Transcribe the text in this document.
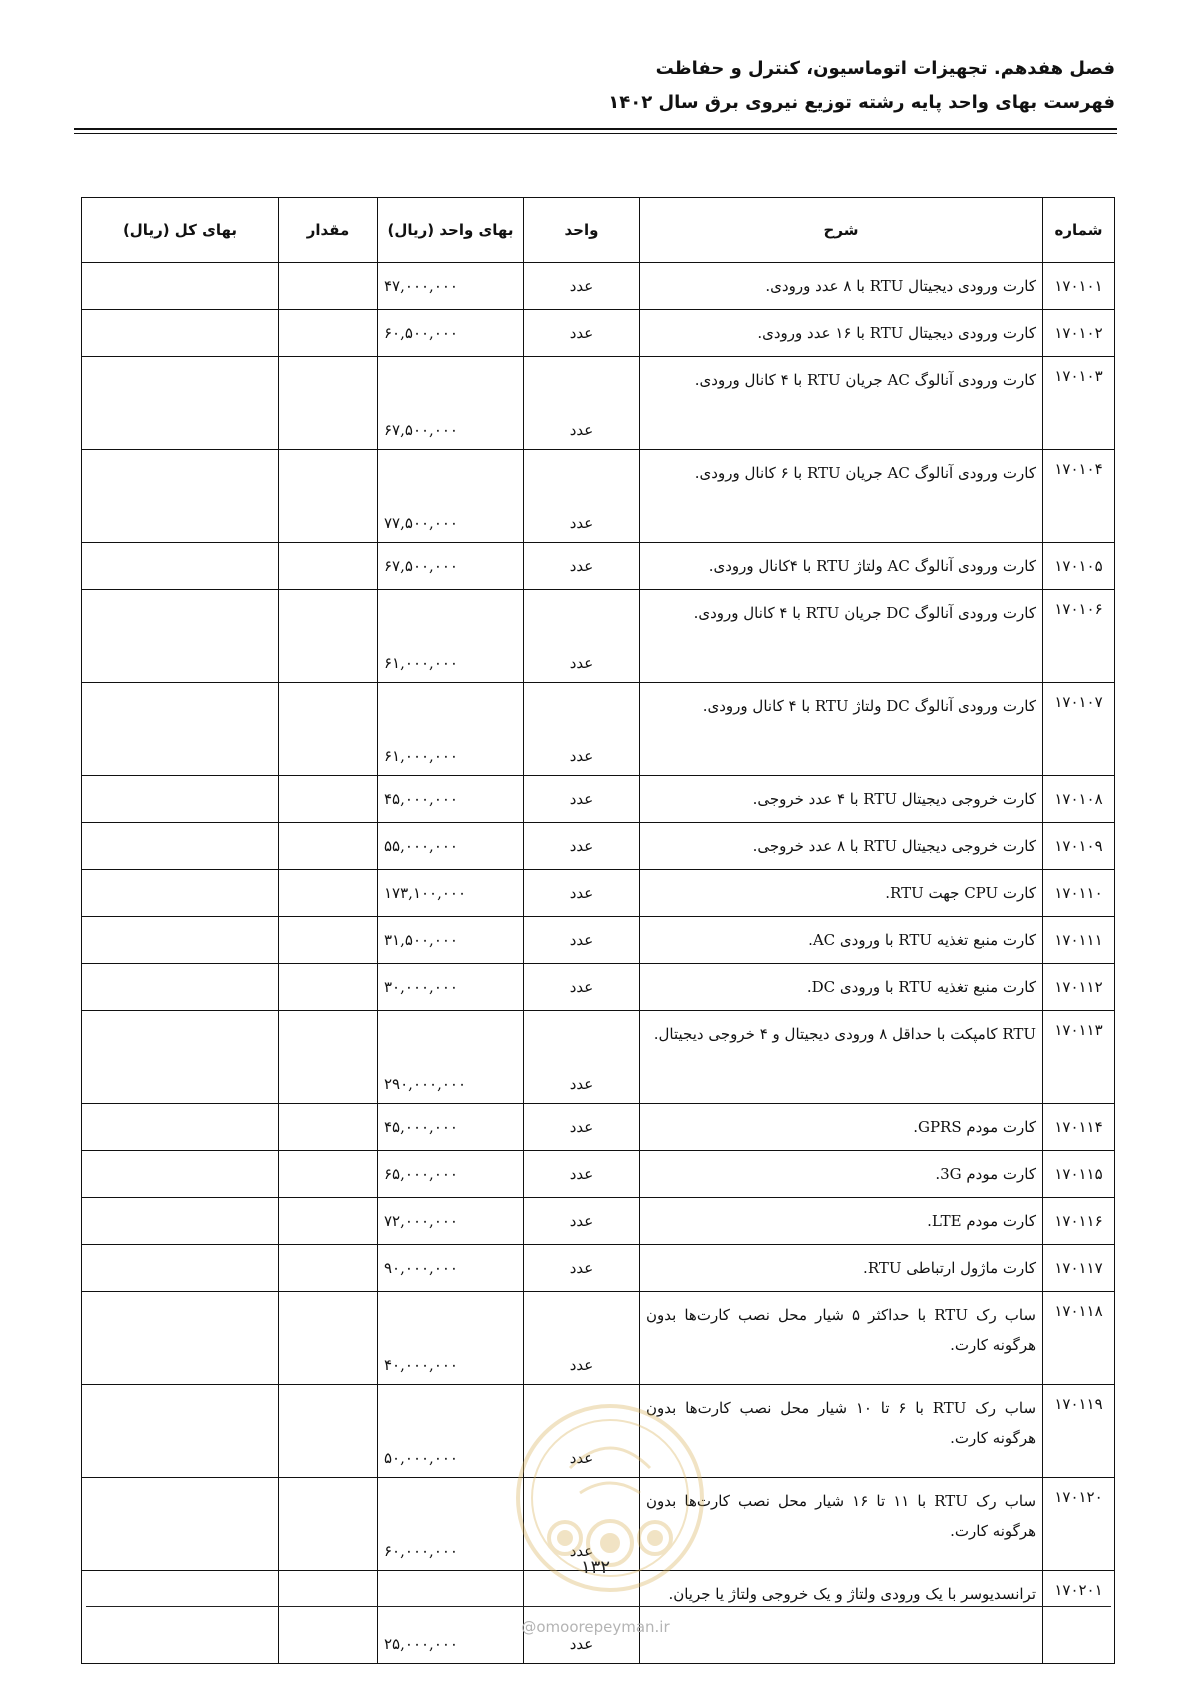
فصل هفدهم. تجهیزات اتوماسیون، کنترل و حفاظت
فهرست بهای واحد پایه رشته توزیع نیروی برق سال ۱۴۰۲
شماره	شرح	واحد	بهای واحد (ریال)	مقدار	بهای کل (ریال)
۱۷۰۱۰۱	کارت ورودی دیجیتال RTU با ۸ عدد ورودی.	عدد	۴۷,۰۰۰,۰۰۰		
۱۷۰۱۰۲	کارت ورودی دیجیتال RTU با ۱۶ عدد ورودی.	عدد	۶۰,۵۰۰,۰۰۰		
۱۷۰۱۰۳	کارت ورودی آنالوگ AC جریان RTU با ۴ کانال ورودی.	عدد	۶۷,۵۰۰,۰۰۰		
۱۷۰۱۰۴	کارت ورودی آنالوگ AC جریان RTU با ۶ کانال ورودی.	عدد	۷۷,۵۰۰,۰۰۰		
۱۷۰۱۰۵	کارت ورودی آنالوگ AC ولتاژ RTU با ۴کانال ورودی.	عدد	۶۷,۵۰۰,۰۰۰		
۱۷۰۱۰۶	کارت ورودی آنالوگ DC جریان RTU با ۴ کانال ورودی.	عدد	۶۱,۰۰۰,۰۰۰		
۱۷۰۱۰۷	کارت ورودی آنالوگ DC ولتاژ RTU با ۴ کانال ورودی.	عدد	۶۱,۰۰۰,۰۰۰		
۱۷۰۱۰۸	کارت خروجی دیجیتال RTU با ۴ عدد خروجی.	عدد	۴۵,۰۰۰,۰۰۰		
۱۷۰۱۰۹	کارت خروجی دیجیتال RTU با ۸ عدد خروجی.	عدد	۵۵,۰۰۰,۰۰۰		
۱۷۰۱۱۰	کارت CPU جهت RTU.	عدد	۱۷۳,۱۰۰,۰۰۰		
۱۷۰۱۱۱	کارت منبع تغذیه RTU با ورودی AC.	عدد	۳۱,۵۰۰,۰۰۰		
۱۷۰۱۱۲	کارت منبع تغذیه RTU با ورودی DC.	عدد	۳۰,۰۰۰,۰۰۰		
۱۷۰۱۱۳	RTU کامپکت با حداقل ۸ ورودی دیجیتال و ۴ خروجی دیجیتال.	عدد	۲۹۰,۰۰۰,۰۰۰		
۱۷۰۱۱۴	کارت مودم GPRS.	عدد	۴۵,۰۰۰,۰۰۰		
۱۷۰۱۱۵	کارت مودم 3G.	عدد	۶۵,۰۰۰,۰۰۰		
۱۷۰۱۱۶	کارت مودم LTE.	عدد	۷۲,۰۰۰,۰۰۰		
۱۷۰۱۱۷	کارت ماژول ارتباطی RTU.	عدد	۹۰,۰۰۰,۰۰۰		
۱۷۰۱۱۸	ساب رک RTU با حداکثر ۵ شیار محل نصب کارت‌ها بدون هرگونه کارت.	عدد	۴۰,۰۰۰,۰۰۰		
۱۷۰۱۱۹	ساب رک RTU با ۶ تا ۱۰ شیار محل نصب کارت‌ها بدون هرگونه کارت.	عدد	۵۰,۰۰۰,۰۰۰		
۱۷۰۱۲۰	ساب رک RTU با ۱۱ تا ۱۶ شیار محل نصب کارت‌ها بدون هرگونه کارت.	عدد	۶۰,۰۰۰,۰۰۰		
۱۷۰۲۰۱	ترانسدیوسر با یک ورودی ولتاژ و یک خروجی ولتاژ یا جریان.	عدد	۲۵,۰۰۰,۰۰۰		
۱۳۲
@omoorepeyman.ir
